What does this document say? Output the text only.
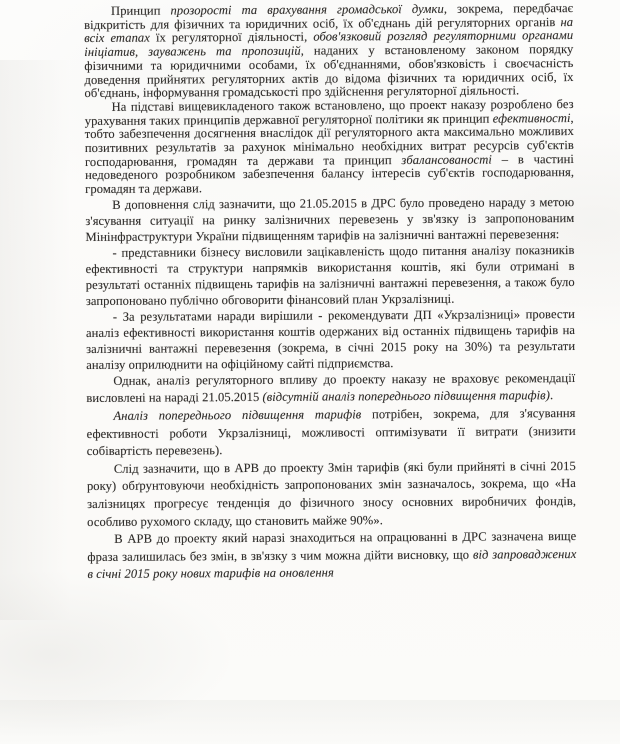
Принцип прозорості та врахування громадської думки, зокрема, передбачає відкритість для фізичних та юридичних осіб, їх об'єднань дій регуляторних органів на всіх етапах їх регуляторної діяльності, обов'язковий розгляд регуляторними органами ініціатив, зауважень та пропозицій, наданих у встановленому законом порядку фізичними та юридичними особами, їх об'єднаннями, обов'язковість і своєчасність доведення прийнятих регуляторних актів до відома фізичних та юридичних осіб, їх об'єднань, інформування громадськості про здійснення регуляторної діяльності.

На підставі вищевикладеного також встановлено, що проект наказу розроблено без урахування таких принципів державної регуляторної політики як принцип ефективності, тобто забезпечення досягнення внаслідок дії регуляторного акта максимально можливих позитивних результатів за рахунок мінімально необхідних витрат ресурсів суб'єктів господарювання, громадян та держави та принцип збалансованості – в частині недоведеного розробником забезпечення балансу інтересів суб'єктів господарювання, громадян та держави.

В доповнення слід зазначити, що 21.05.2015 в ДРС було проведено нараду з метою з'ясування ситуації на ринку залізничних перевезень у зв'язку із запропонованим Мінінфраструктури України підвищенням тарифів на залізничні вантажні перевезення:

- представники бізнесу висловили зацікавленість щодо питання аналізу показників ефективності та структури напрямків використання коштів, які були отримані в результаті останніх підвищень тарифів на залізничні вантажні перевезення, а також було запропоновано публічно обговорити фінансовий план Укрзалізниці.

- За результатами наради вирішили - рекомендувати ДП «Укрзалізниці» провести аналіз ефективності використання коштів одержаних від останніх підвищень тарифів на залізничні вантажні перевезення (зокрема, в січні 2015 року на 30%) та результати аналізу оприлюднити на офіційному сайті підприємства.

Однак, аналіз регуляторного впливу до проекту наказу не враховує рекомендації висловлені на нараді 21.05.2015 (відсутній аналіз попереднього підвищення тарифів).

Аналіз попереднього підвищення тарифів потрібен, зокрема, для з'ясування ефективності роботи Укрзалізниці, можливості оптимізувати її витрати (знизити собівартість перевезень).

Слід зазначити, що в АРВ до проекту Змін тарифів (які були прийняті в січні 2015 року) обґрунтовуючи необхідність запропонованих змін зазначалось, зокрема, що «На залізницях прогресує тенденція до фізичного зносу основних виробничих фондів, особливо рухомого складу, що становить майже 90%».

В АРВ до проекту який наразі знаходиться на опрацюванні в ДРС зазначена вище фраза залишилась без змін, в зв'язку з чим можна дійти висновку, що від запроваджених в січні 2015 року нових тарифів на оновлення
